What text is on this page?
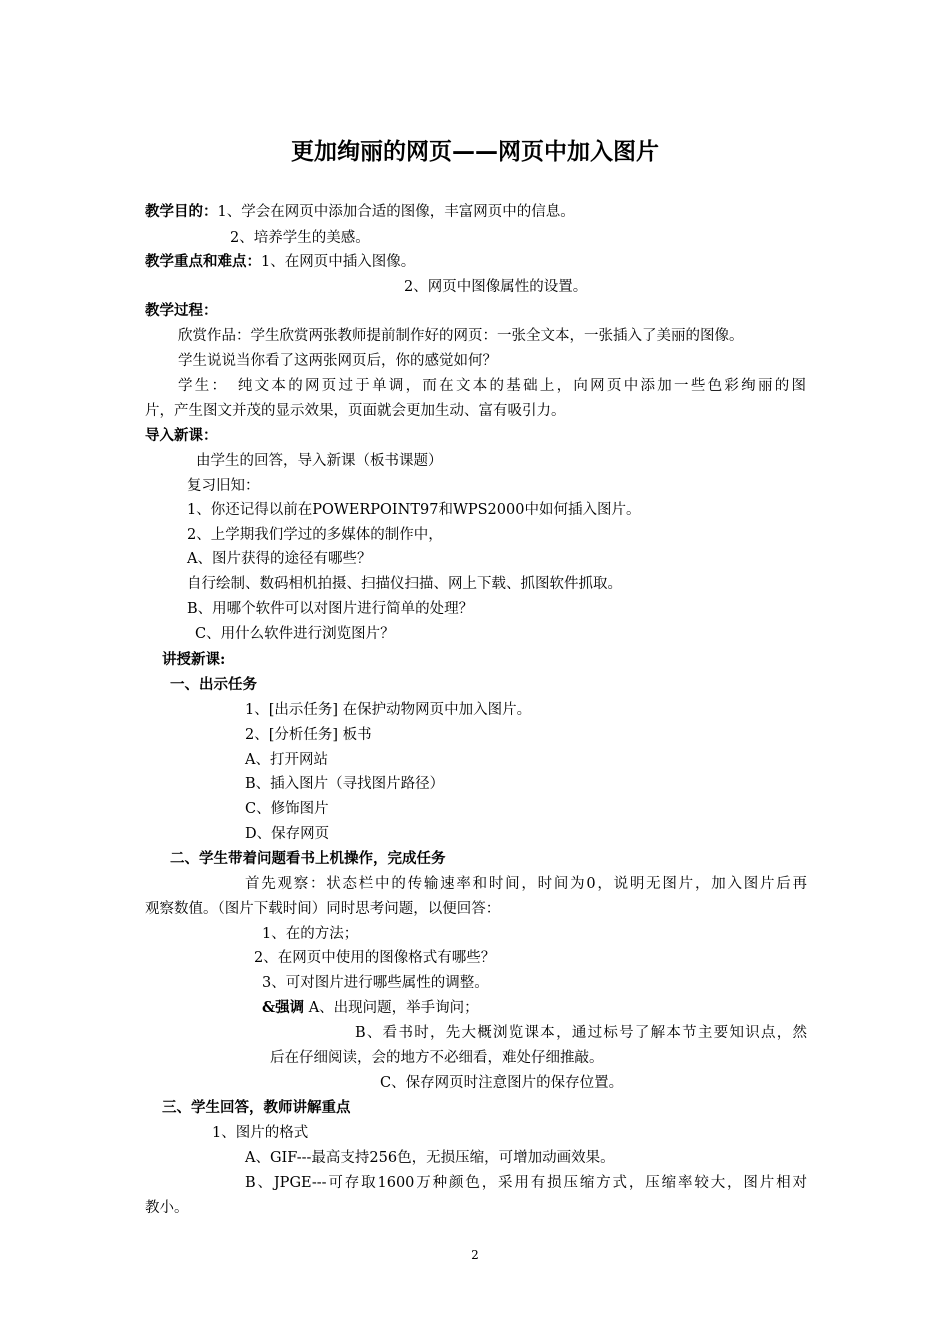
更加绚丽的网页——网页中加入图片
教学目的：1、学会在网页中添加合适的图像，丰富网页中的信息。
2、培养学生的美感。
教学重点和难点：1、在网页中插入图像。
2、网页中图像属性的设置。
教学过程：
欣赏作品：学生欣赏两张教师提前制作好的网页：一张全文本，一张插入了美丽的图像。
学生说说当你看了这两张网页后，你的感觉如何？
学生：　纯文本的网页过于单调，而在文本的基础上，向网页中添加一些色彩绚丽的图
片，产生图文并茂的显示效果，页面就会更加生动、富有吸引力。
导入新课：
由学生的回答，导入新课（板书课题）
复习旧知：
1、你还记得以前在POWERPOINT97和WPS2000中如何插入图片。
2、上学期我们学过的多媒体的制作中，
A、图片获得的途径有哪些？
自行绘制、数码相机拍摄、扫描仪扫描、网上下载、抓图软件抓取。
B、用哪个软件可以对图片进行简单的处理？
C、用什么软件进行浏览图片？
讲授新课:
一、出示任务
1、[出示任务] 在保护动物网页中加入图片。
2、[分析任务] 板书
A、打开网站
B、插入图片（寻找图片路径）
C、修饰图片
D、保存网页
二、学生带着问题看书上机操作，完成任务
首先观察：状态栏中的传输速率和时间，时间为0，说明无图片，加入图片后再
观察数值。（图片下载时间）同时思考问题，以便回答：
1、在的方法；
2、在网页中使用的图像格式有哪些？
3、可对图片进行哪些属性的调整。
&强调 A、出现问题，举手询问；
B、看书时，先大概浏览课本，通过标号了解本节主要知识点，然
后在仔细阅读，会的地方不必细看，难处仔细推敲。
C、保存网页时注意图片的保存位置。
三、学生回答，教师讲解重点
1、图片的格式
A、GIF---最高支持256色，无损压缩，可增加动画效果。
B、JPGE---可存取1600万种颜色，采用有损压缩方式，压缩率较大，图片相对
教小。
2
